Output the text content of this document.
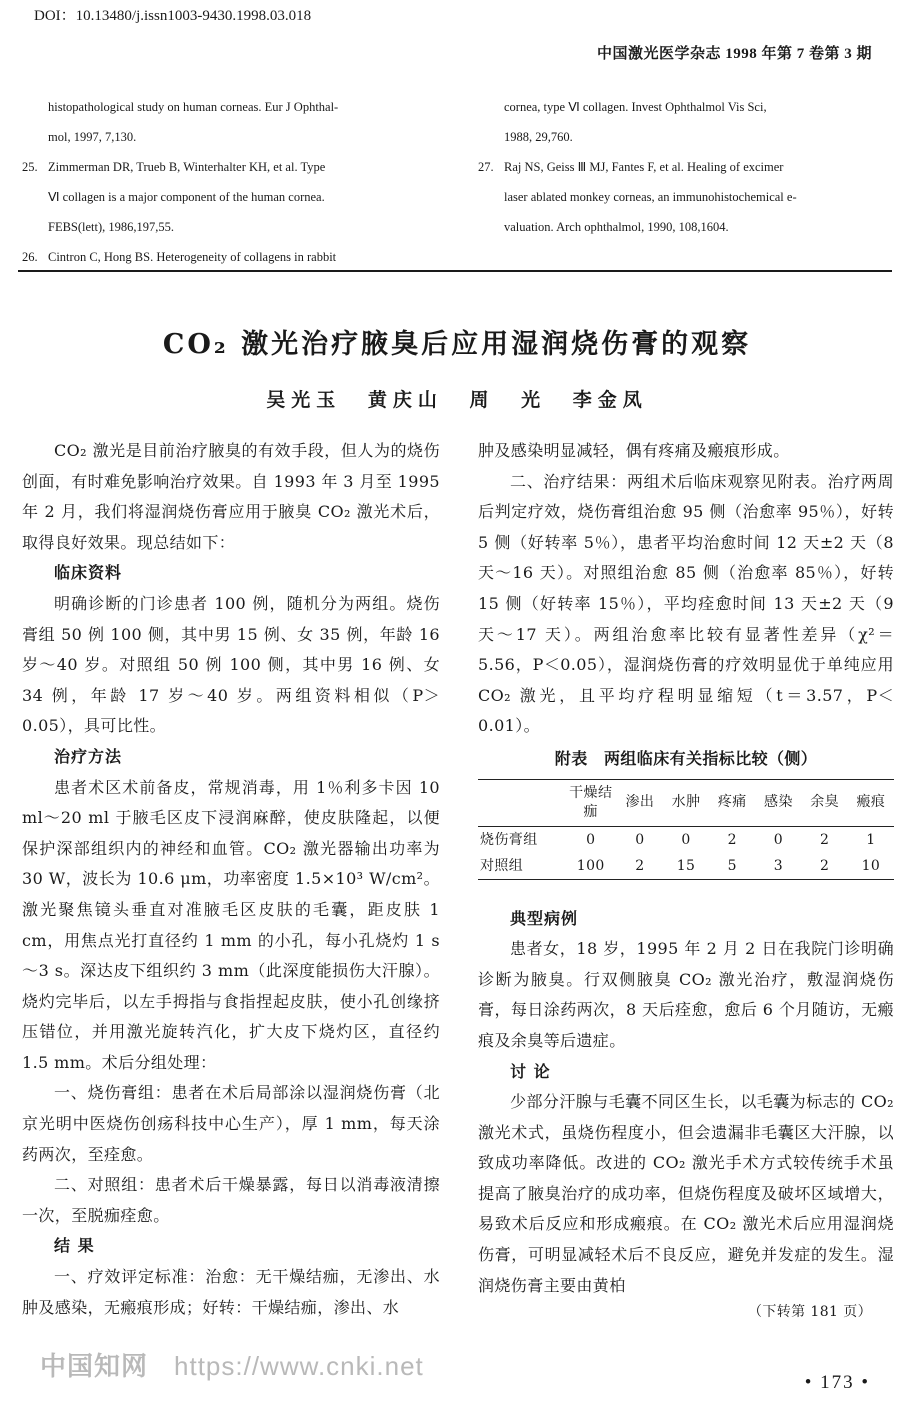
DOI：10.13480/j.issn1003-9430.1998.03.018
中国激光医学杂志 1998 年第 7 卷第 3 期
histopathological study on human corneas. Eur J Ophthal-
mol, 1997, 7,130.
25. Zimmerman DR, Trueb B, Winterhalter KH, et al. Type
Ⅵ collagen is a major component of the human cornea.
FEBS(lett), 1986,197,55.
26. Cintron C, Hong BS. Heterogeneity of collagens in rabbit
cornea, type Ⅵ collagen. Invest Ophthalmol Vis Sci,
1988, 29,760.
27. Raj NS, Geiss Ⅲ MJ, Fantes F, et al. Healing of excimer
laser ablated monkey corneas, an immunohistochemical e-
valuation. Arch ophthalmol, 1990, 108,1604.
CO₂ 激光治疗腋臭后应用湿润烧伤膏的观察
吴光玉 黄庆山 周 光 李金凤

CO₂ 激光是目前治疗腋臭的有效手段，但人为的烧伤创面，有时难免影响治疗效果。自 1993 年 3 月至 1995 年 2 月，我们将湿润烧伤膏应用于腋臭 CO₂ 激光术后，取得良好效果。现总结如下：

临床资料

明确诊断的门诊患者 100 例，随机分为两组。烧伤膏组 50 例 100 侧，其中男 15 例、女 35 例，年龄 16 岁～40 岁。对照组 50 例 100 侧，其中男 16 例、女 34 例，年龄 17 岁～40 岁。两组资料相似（P＞0.05），具可比性。

治疗方法

患者术区术前备皮，常规消毒，用 1％利多卡因 10 ml～20 ml 于腋毛区皮下浸润麻醉，使皮肤隆起，以便保护深部组织内的神经和血管。CO₂ 激光器输出功率为 30 W，波长为 10.6 μm，功率密度 1.5×10³ W/cm²。激光聚焦镜头垂直对准腋毛区皮肤的毛囊，距皮肤 1 cm，用焦点光打直径约 1 mm 的小孔，每小孔烧灼 1 s～3 s。深达皮下组织约 3 mm（此深度能损伤大汗腺）。烧灼完毕后，以左手拇指与食指捏起皮肤，使小孔创缘挤压错位，并用激光旋转汽化，扩大皮下烧灼区，直径约 1.5 mm。术后分组处理：

一、烧伤膏组：患者在术后局部涂以湿润烧伤膏（北京光明中医烧伤创疡科技中心生产），厚 1 mm，每天涂药两次，至痊愈。

二、对照组：患者术后干燥暴露，每日以消毒液清擦一次，至脱痂痊愈。

结 果

一、疗效评定标准：治愈：无干燥结痂，无渗出、水肿及感染，无瘢痕形成；好转：干燥结痂，渗出、水

肿及感染明显减轻，偶有疼痛及瘢痕形成。

二、治疗结果：两组术后临床观察见附表。治疗两周后判定疗效，烧伤膏组治愈 95 侧（治愈率 95％），好转 5 侧（好转率 5％），患者平均治愈时间 12 天±2 天（8 天～16 天）。对照组治愈 85 侧（治愈率 85％），好转 15 侧（好转率 15％），平均痊愈时间 13 天±2 天（9 天～17 天）。两组治愈率比较有显著性差异（χ²＝5.56，P＜0.05），湿润烧伤膏的疗效明显优于单纯应用 CO₂ 激光，且平均疗程明显缩短（t＝3.57，P＜0.01）。

附表　两组临床有关指标比较（侧）
	干燥结痂	渗出	水肿	疼痛	感染	余臭	瘢痕
烧伤膏组	0	0	0	2	0	2	1
对照组	100	2	15	5	3	2	10
典型病例

患者女，18 岁，1995 年 2 月 2 日在我院门诊明确诊断为腋臭。行双侧腋臭 CO₂ 激光治疗，敷湿润烧伤膏，每日涂药两次，8 天后痊愈，愈后 6 个月随访，无瘢痕及余臭等后遗症。

讨 论

少部分汗腺与毛囊不同区生长，以毛囊为标志的 CO₂ 激光术式，虽烧伤程度小，但会遗漏非毛囊区大汗腺，以致成功率降低。改进的 CO₂ 激光手术方式较传统手术虽提高了腋臭治疗的成功率，但烧伤程度及破坏区域增大，易致术后反应和形成瘢痕。在 CO₂ 激光术后应用湿润烧伤膏，可明显减轻术后不良反应，避免并发症的发生。湿润烧伤膏主要由黄柏

（下转第 181 页）
中国知网 https://www.cnki.net
• 173 •
